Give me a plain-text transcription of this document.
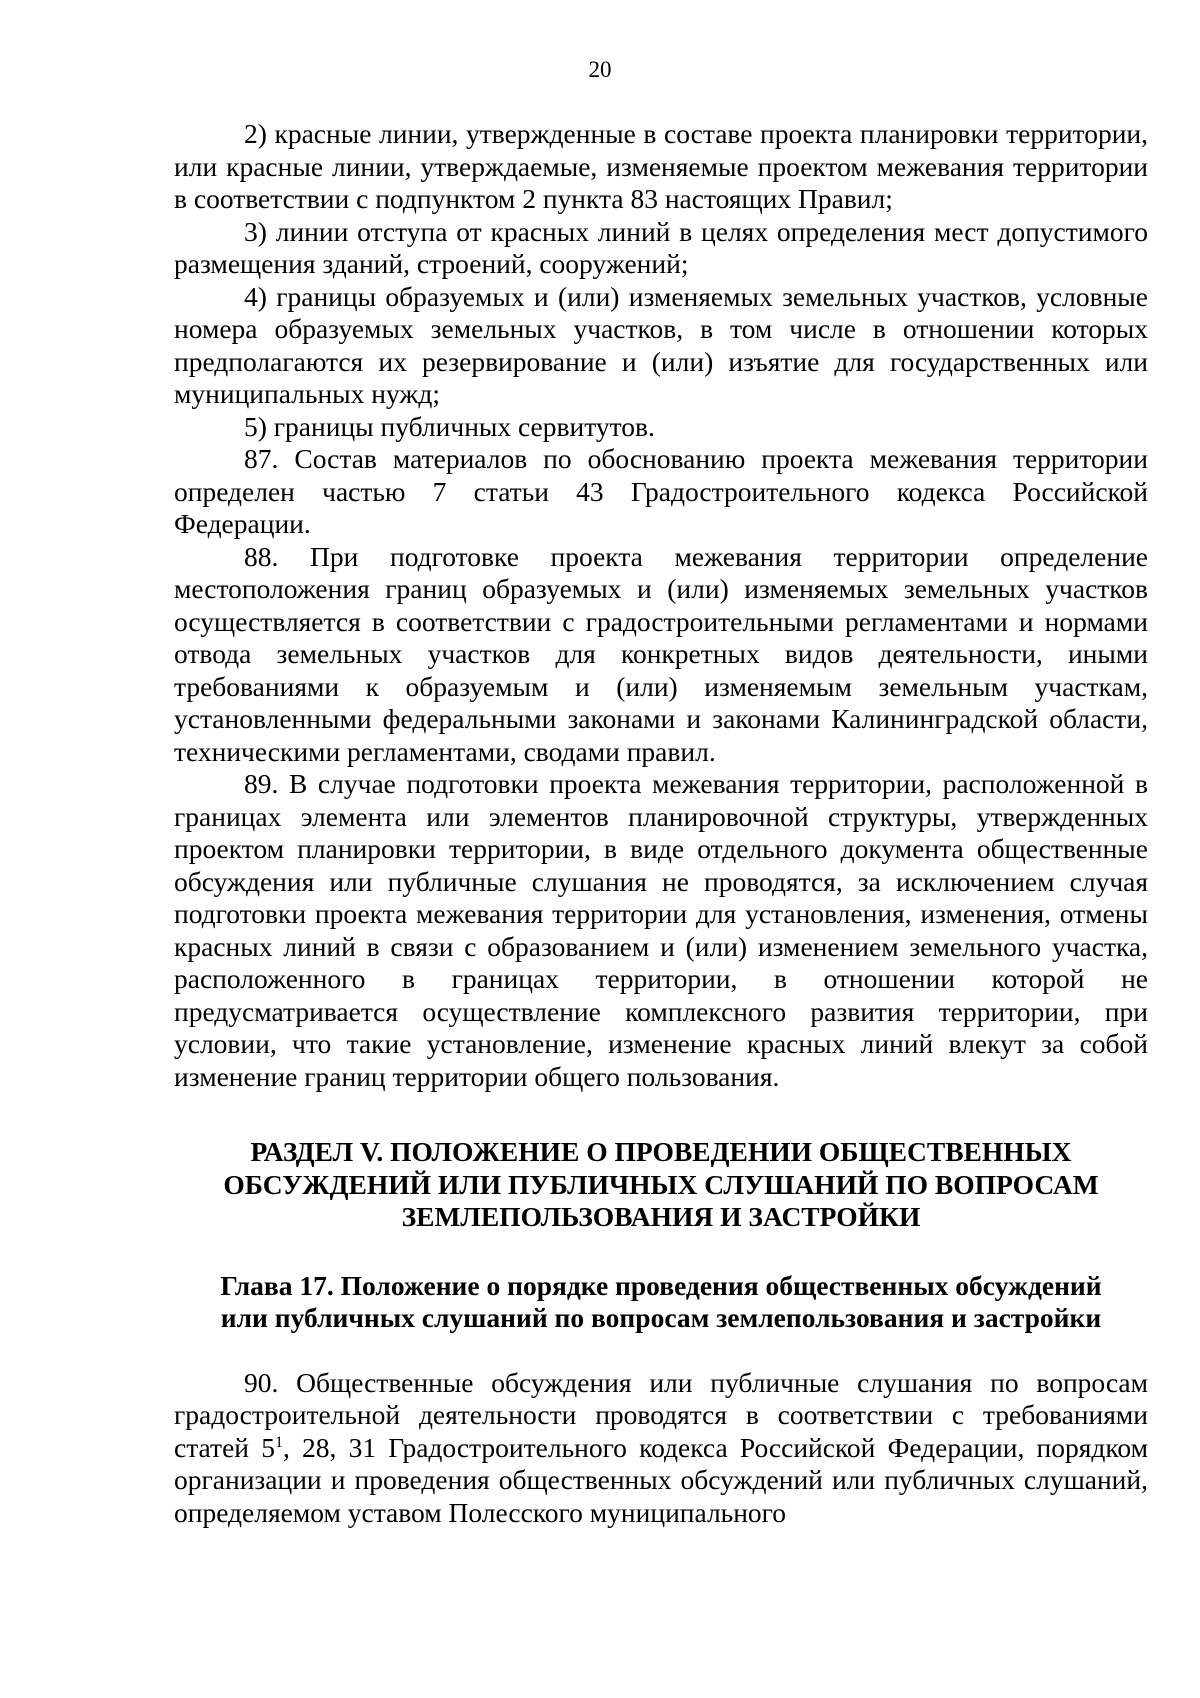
20

2) красные линии, утвержденные в составе проекта планировки территории, или красные линии, утверждаемые, изменяемые проектом межевания территории в соответствии с подпунктом 2 пункта 83 настоящих Правил;

3) линии отступа от красных линий в целях определения мест допустимого размещения зданий, строений, сооружений;

4) границы образуемых и (или) изменяемых земельных участков, условные номера образуемых земельных участков, в том числе в отношении которых предполагаются их резервирование и (или) изъятие для государственных или муниципальных нужд;

5) границы публичных сервитутов.

87. Состав материалов по обоснованию проекта межевания территории определен частью 7 статьи 43 Градостроительного кодекса Российской Федерации.

88. При подготовке проекта межевания территории определение местоположения границ образуемых и (или) изменяемых земельных участков осуществляется в соответствии с градостроительными регламентами и нормами отвода земельных участков для конкретных видов деятельности, иными требованиями к образуемым и (или) изменяемым земельным участкам, установленными федеральными законами и законами Калининградской области, техническими регламентами, сводами правил.

89. В случае подготовки проекта межевания территории, расположенной в границах элемента или элементов планировочной структуры, утвержденных проектом планировки территории, в виде отдельного документа общественные обсуждения или публичные слушания не проводятся, за исключением случая подготовки проекта межевания территории для установления, изменения, отмены красных линий в связи с образованием и (или) изменением земельного участка, расположенного в границах территории, в отношении которой не предусматривается осуществление комплексного развития территории, при условии, что такие установление, изменение красных линий влекут за собой изменение границ территории общего пользования.

РАЗДЕЛ V. ПОЛОЖЕНИЕ О ПРОВЕДЕНИИ ОБЩЕСТВЕННЫХ
ОБСУЖДЕНИЙ ИЛИ ПУБЛИЧНЫХ СЛУШАНИЙ ПО ВОПРОСАМ
ЗЕМЛЕПОЛЬЗОВАНИЯ И ЗАСТРОЙКИ
Глава 17. Положение о порядке проведения общественных обсуждений
или публичных слушаний по вопросам землепользования и застройки

90. Общественные обсуждения или публичные слушания по вопросам градостроительной деятельности проводятся в соответствии с требованиями статей $5^1$, 28, 31 Градостроительного кодекса Российской Федерации, порядком организации и проведения общественных обсуждений или публичных слушаний, определяемом уставом Полесского муниципального
